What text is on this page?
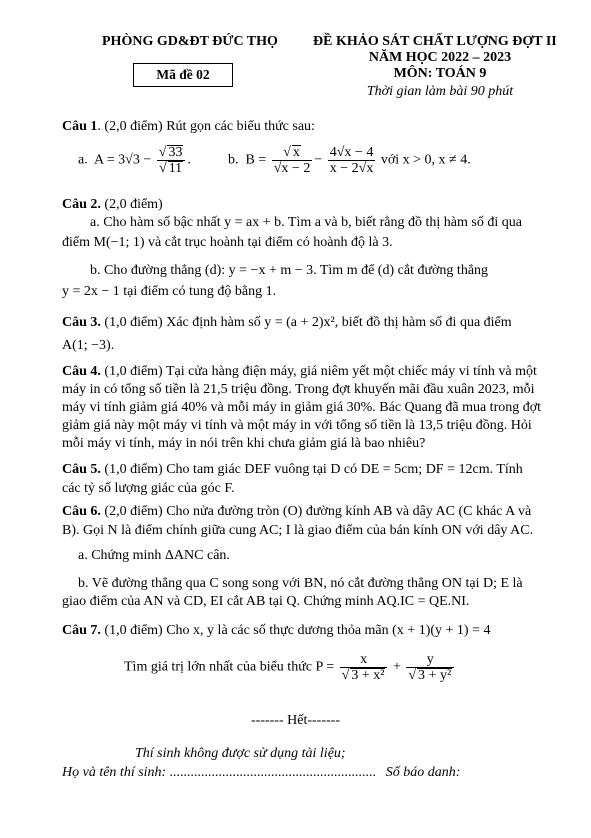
PHÒNG GD&ĐT ĐỨC THỌ	ĐỀ KHẢO SÁT CHẤT LƯỢNG ĐỢT II
NĂM HỌC 2022 – 2023
MÔN: TOÁN 9
Thời gian làm bài 90 phút
Mã đề 02
Câu 1. (2,0 điểm) Rút gọn các biểu thức sau:
a. $A = 3√3 - \frac{√ 33}{√ 11}$ .	b. $B = \frac{√ x}{√x - 2} - \frac{4√x - 4}{x - 2√x}$ với x > 0, x ≠ 4.
Câu 2. (2,0 điểm)
a. Cho hàm số bậc nhất y = ax + b. Tìm a và b, biết rằng đồ thị hàm số đi qua
điểm M(−1; 1) và cắt trục hoành tại điểm có hoành độ là 3.
b. Cho đường thẳng (d): y = −x + m − 3. Tìm m để (d) cắt đường thẳng
y = 2x − 1 tại điểm có tung độ bằng 1.
Câu 3. (1,0 điểm) Xác định hàm số y = (a + 2)x², biết đồ thị hàm số đi qua điểm
A(1; −3).
Câu 4. (1,0 điểm) Tại cửa hàng điện máy, giá niêm yết một chiếc máy vi tính và một
máy in có tổng số tiền là 21,5 triệu đồng. Trong đợt khuyến mãi đầu xuân 2023, mỗi
máy vi tính giảm giá 40% và mỗi máy in giảm giá 30%. Bác Quang đã mua trong đợt
giảm giá này một máy vi tính và một máy in với tổng số tiền là 13,5 triệu đồng. Hỏi
mỗi máy vi tính, máy in nói trên khi chưa giảm giá là bao nhiêu?
Câu 5. (1,0 điểm) Cho tam giác DEF vuông tại D có DE = 5cm; DF = 12cm. Tính
các tỷ số lượng giác của góc F.
Câu 6. (2,0 điểm) Cho nửa đường tròn (O) đường kính AB và dây AC (C khác A và
B). Gọi N là điểm chính giữa cung AC; I là giao điểm của bán kính ON với dây AC.
a. Chứng minh ΔANC cân.
b. Vẽ đường thẳng qua C song song với BN, nó cắt đường thẳng ON tại D; E là
giao điểm của AN và CD, EI cắt AB tại Q. Chứng minh AQ.IC = QE.NI.
Câu 7. (1,0 điểm) Cho x, y là các số thực dương thỏa mãn (x + 1)(y + 1) = 4
Tìm giá trị lớn nhất của biểu thức $P = \frac{x}{\text{√ 3 + x²}} + \frac{y}{\text{√ 3 + y²}}$
------- Hết-------
Thí sinh không được sử dụng tài liệu;
Họ và tên thí sinh: ........................................................... Số báo danh:
